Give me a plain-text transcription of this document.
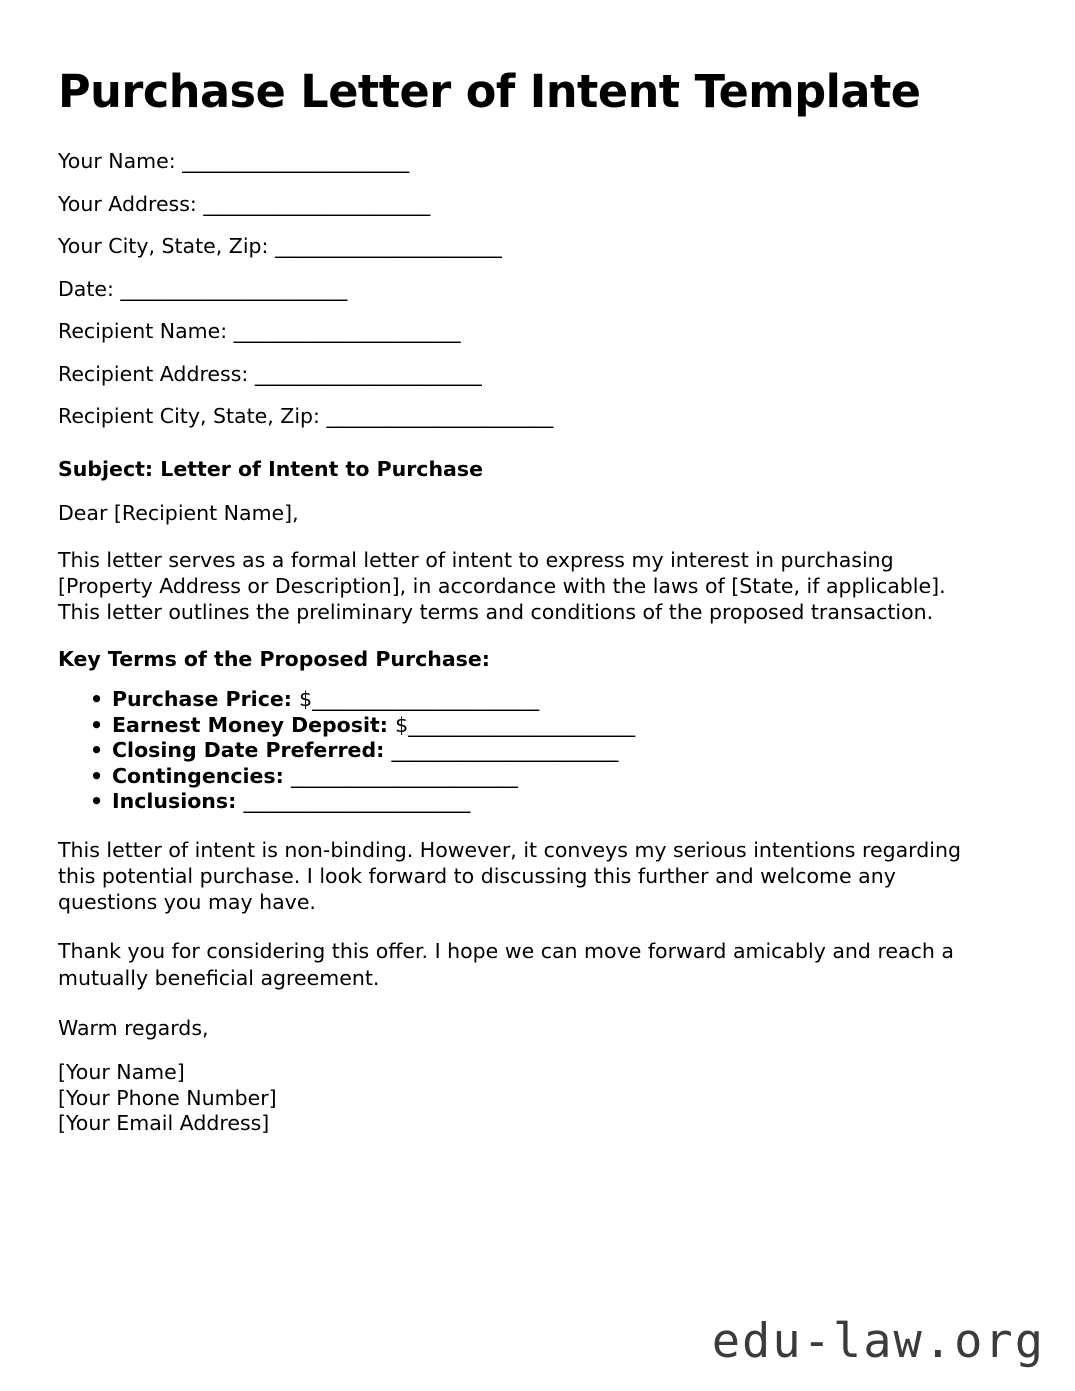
Purchase Letter of Intent Template
Your Name: _______________________
Your Address: _______________________
Your City, State, Zip: _______________________
Date: _______________________
Recipient Name: _______________________
Recipient Address: _______________________
Recipient City, State, Zip: _______________________
Subject: Letter of Intent to Purchase
Dear [Recipient Name],

This letter serves as a formal letter of intent to express my interest in purchasing [Property Address or Description], in accordance with the laws of [State, if applicable]. This letter outlines the preliminary terms and conditions of the proposed transaction.

Key Terms of the Proposed Purchase:
• Purchase Price: $_______________________
• Earnest Money Deposit: $_______________________
• Closing Date Preferred: _______________________
• Contingencies: _______________________
• Inclusions: _______________________

This letter of intent is non-binding. However, it conveys my serious intentions regarding this potential purchase. I look forward to discussing this further and welcome any questions you may have.

Thank you for considering this offer. I hope we can move forward amicably and reach a mutually beneficial agreement.

Warm regards,
[Your Name]
[Your Phone Number]
[Your Email Address]
edu-law.org
